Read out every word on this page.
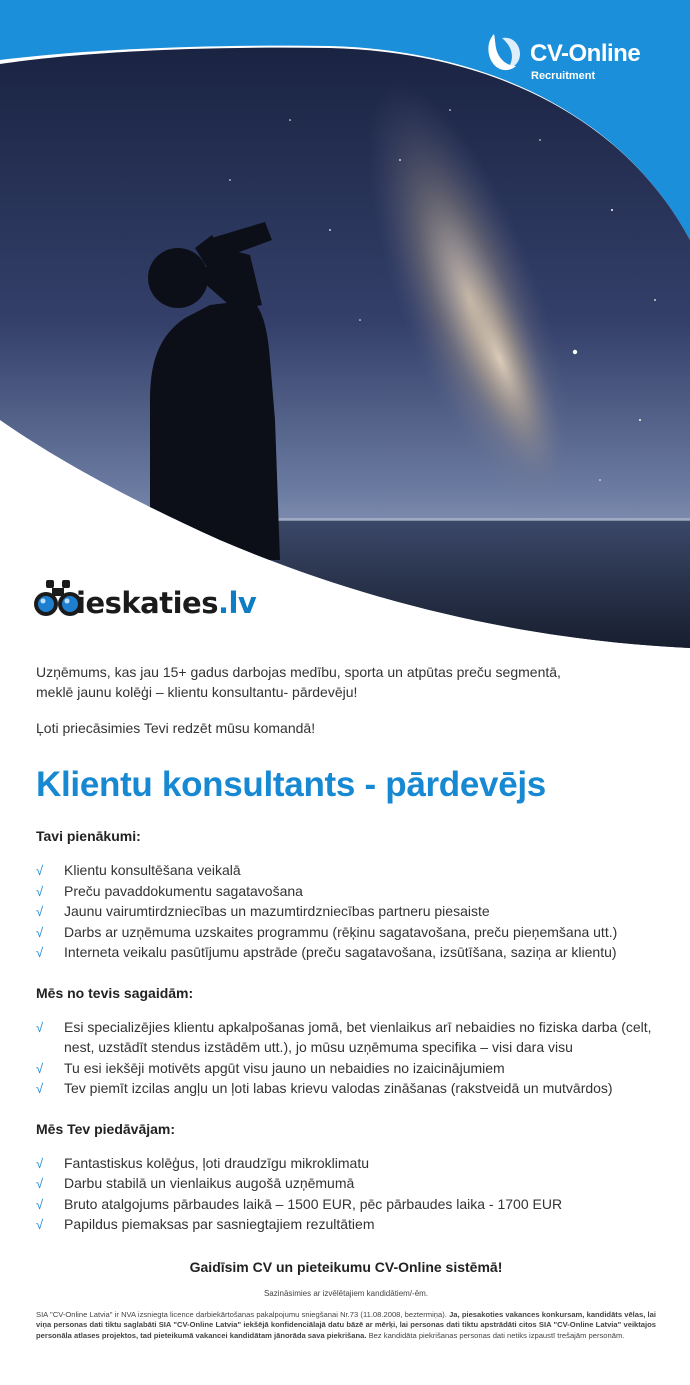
CV-Online
Recruitment
ieskaties.lv

Uzņēmums, kas jau 15+ gadus darbojas medību, sporta un atpūtas preču segmentā,

meklē jaunu kolēģi – klientu konsultantu- pārdevēju!

Ļoti priecāsimies Tevi redzēt mūsu komandā!

Klientu konsultants - pārdevējs
Tavi pienākumi:
√ Klientu konsultēšana veikalā
√ Preču pavaddokumentu sagatavošana
√ Jaunu vairumtirdzniecības un mazumtirdzniecības partneru piesaiste
√ Darbs ar uzņēmuma uzskaites programmu (rēķinu sagatavošana, preču pieņemšana utt.)
√ Interneta veikalu pasūtījumu apstrāde (preču sagatavošana, izsūtīšana, saziņa ar klientu)
Mēs no tevis sagaidām:
√ Esi specializējies klientu apkalpošanas jomā, bet vienlaikus arī nebaidies no fiziska darba (celt, nest, uzstādīt stendus izstādēm utt.), jo mūsu uzņēmuma specifika – visi dara visu
√ Tu esi iekšēji motivēts apgūt visu jauno un nebaidies no izaicinājumiem
√ Tev piemīt izcilas angļu un ļoti labas krievu valodas zināšanas (rakstveidā un mutvārdos)
Mēs Tev piedāvājam:
√ Fantastiskus kolēģus, ļoti draudzīgu mikroklimatu
√ Darbu stabilā un vienlaikus augošā uzņēmumā
√ Bruto atalgojums pārbaudes laikā – 1500 EUR, pēc pārbaudes laika - 1700 EUR
√ Papildus piemaksas par sasniegtajiem rezultātiem
Gaidīsim CV un pieteikumu CV-Online sistēmā!
Sazināsimies ar izvēlētajiem kandidātiem/-ēm.
SIA "CV-Online Latvia" ir NVA izsniegta licence darbiekārtošanas pakalpojumu sniegšanai Nr.73 (11.08.2008, beztermiņa). Ja, piesakoties vakances konkursam, kandidāts vēlas, lai viņa personas dati tiktu saglabāti SIA "CV-Online Latvia" iekšējā konfidenciālajā datu bāzē ar mērķi, lai personas dati tiktu apstrādāti citos SIA "CV-Online Latvia" veiktajos personāla atlases projektos, tad pieteikumā vakancei kandidātam jānorāda sava piekrišana. Bez kandidāta piekrišanas personas dati netiks izpaustī trešajām personām.
